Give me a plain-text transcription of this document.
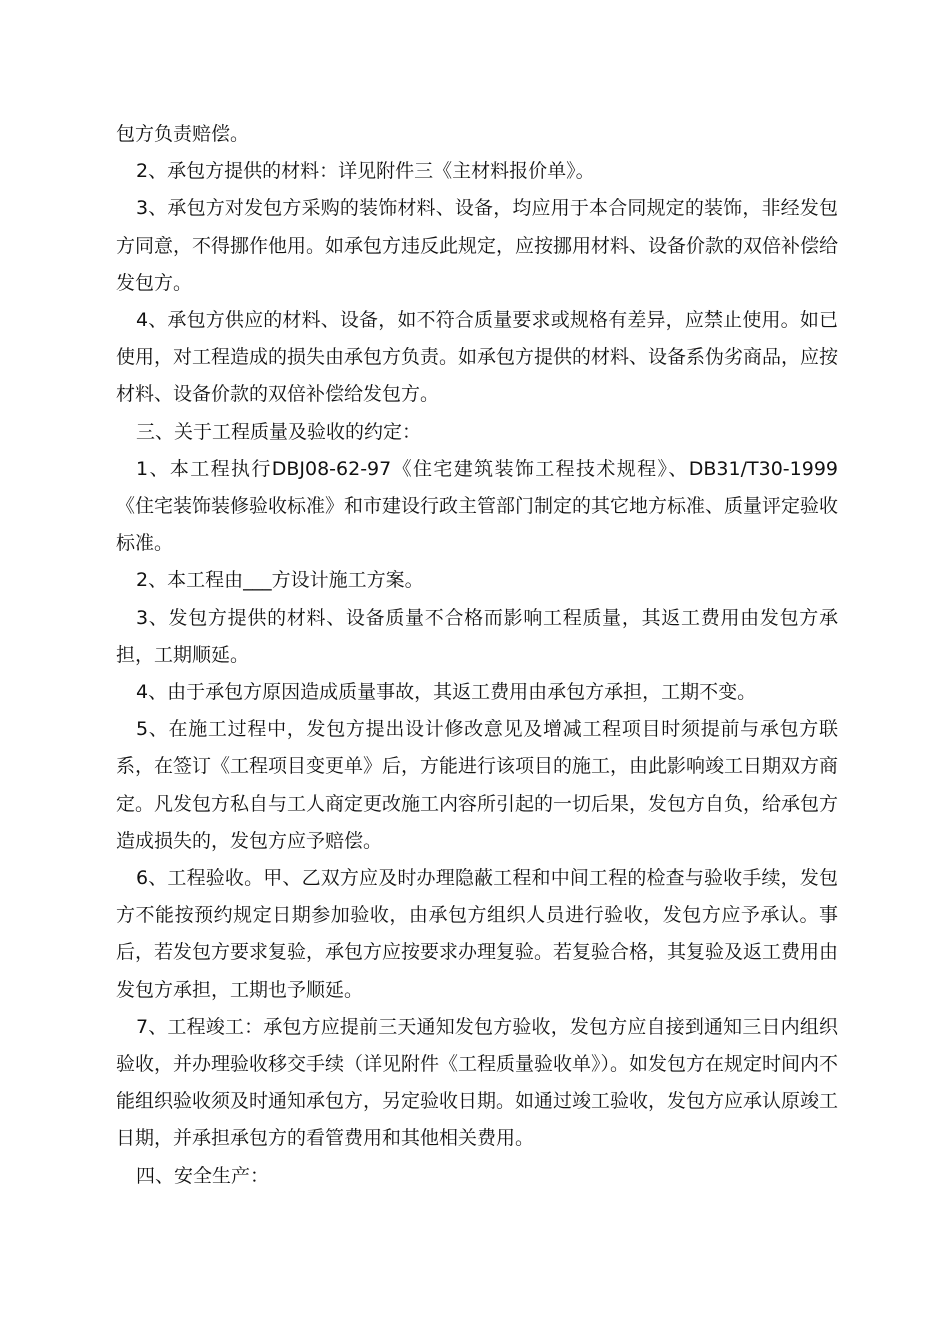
包方负责赔偿。

2、承包方提供的材料：详见附件三《主材料报价单》。

3、承包方对发包方采购的装饰材料、设备，均应用于本合同规定的装饰，非经发包方同意，不得挪作他用。如承包方违反此规定，应按挪用材料、设备价款的双倍补偿给发包方。

4、承包方供应的材料、设备，如不符合质量要求或规格有差异，应禁止使用。如已使用，对工程造成的损失由承包方负责。如承包方提供的材料、设备系伪劣商品，应按材料、设备价款的双倍补偿给发包方。

三、关于工程质量及验收的约定：

1、本工程执行DBJ08-62-97《住宅建筑装饰工程技术规程》、DB31/T30-1999《住宅装饰装修验收标准》和市建设行政主管部门制定的其它地方标准、质量评定验收标准。

2、本工程由___方设计施工方案。

3、发包方提供的材料、设备质量不合格而影响工程质量，其返工费用由发包方承担，工期顺延。

4、由于承包方原因造成质量事故，其返工费用由承包方承担，工期不变。

5、在施工过程中，发包方提出设计修改意见及增减工程项目时须提前与承包方联系，在签订《工程项目变更单》后，方能进行该项目的施工，由此影响竣工日期双方商定。凡发包方私自与工人商定更改施工内容所引起的一切后果，发包方自负，给承包方造成损失的，发包方应予赔偿。

6、工程验收。甲、乙双方应及时办理隐蔽工程和中间工程的检查与验收手续，发包方不能按预约规定日期参加验收，由承包方组织人员进行验收，发包方应予承认。事后，若发包方要求复验，承包方应按要求办理复验。若复验合格，其复验及返工费用由发包方承担，工期也予顺延。

7、工程竣工：承包方应提前三天通知发包方验收，发包方应自接到通知三日内组织验收，并办理验收移交手续（详见附件《工程质量验收单》）。如发包方在规定时间内不能组织验收须及时通知承包方，另定验收日期。如通过竣工验收，发包方应承认原竣工日期，并承担承包方的看管费用和其他相关费用。

四、安全生产：
